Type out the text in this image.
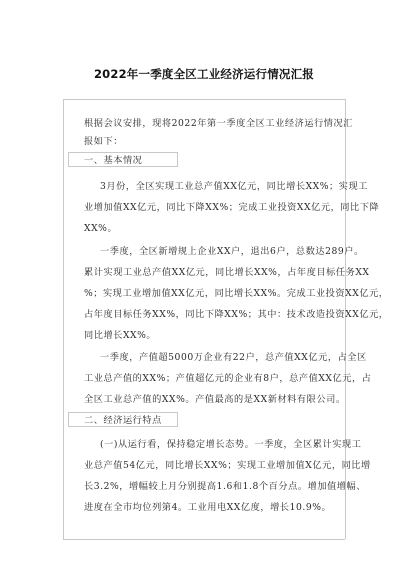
2022年一季度全区工业经济运行情况汇报
根据会议安排，现将2022年第一季度全区工业经济运行情况汇
报如下：
一、基本情况
3月份，全区实现工业总产值XX亿元，同比增长XX%；实现工
业增加值XX亿元，同比下降XX%；完成工业投资XX亿元，同比下降
XX%。
一季度，全区新增规上企业XX户，退出6户，总数达289户。
累计实现工业总产值XX亿元，同比增长XX%，占年度目标任务XX
%；实现工业增加值XX亿元，同比增长XX%。完成工业投资XX亿元，
占年度目标任务XX%，同比下降XX%；其中：技术改造投资XX亿元，
同比增长XX%。
一季度，产值超5000万企业有22户，总产值XX亿元，占全区
工业总产值的XX%；产值超亿元的企业有8户，总产值XX亿元，占
全区工业总产值的XX%。产值最高的是XX新材料有限公司。
二、经济运行特点
(一)从运行看，保持稳定增长态势。一季度，全区累计实现工
业总产值54亿元，同比增长XX%；实现工业增加值X亿元，同比增
长3.2%，增幅较上月分别提高1.6和1.8个百分点。增加值增幅、
进度在全市均位列第4。工业用电XX亿度，增长10.9%。
